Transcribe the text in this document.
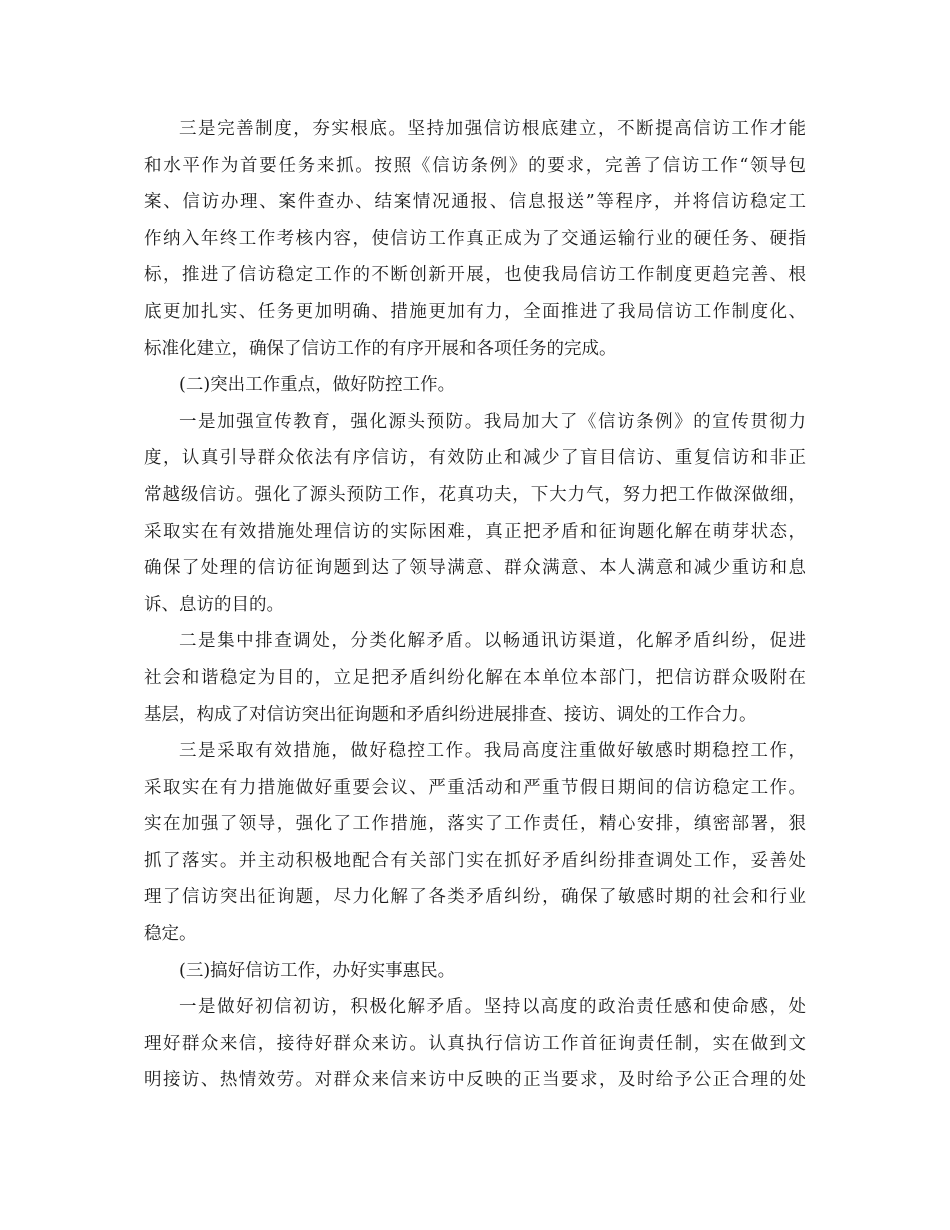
三是完善制度，夯实根底。坚持加强信访根底建立，不断提高信访工作才能
和水平作为首要任务来抓。按照《信访条例》的要求，完善了信访工作“领导包
案、信访办理、案件查办、结案情况通报、信息报送”等程序，并将信访稳定工
作纳入年终工作考核内容，使信访工作真正成为了交通运输行业的硬任务、硬指
标，推进了信访稳定工作的不断创新开展，也使我局信访工作制度更趋完善、根
底更加扎实、任务更加明确、措施更加有力，全面推进了我局信访工作制度化、
标准化建立，确保了信访工作的有序开展和各项任务的完成。
(二)突出工作重点，做好防控工作。
一是加强宣传教育，强化源头预防。我局加大了《信访条例》的宣传贯彻力
度，认真引导群众依法有序信访，有效防止和减少了盲目信访、重复信访和非正
常越级信访。强化了源头预防工作，花真功夫，下大力气，努力把工作做深做细，
采取实在有效措施处理信访的实际困难，真正把矛盾和征询题化解在萌芽状态，
确保了处理的信访征询题到达了领导满意、群众满意、本人满意和减少重访和息
诉、息访的目的。
二是集中排查调处，分类化解矛盾。以畅通讯访渠道，化解矛盾纠纷，促进
社会和谐稳定为目的，立足把矛盾纠纷化解在本单位本部门，把信访群众吸附在
基层，构成了对信访突出征询题和矛盾纠纷进展排查、接访、调处的工作合力。
三是采取有效措施，做好稳控工作。我局高度注重做好敏感时期稳控工作，
采取实在有力措施做好重要会议、严重活动和严重节假日期间的信访稳定工作。
实在加强了领导，强化了工作措施，落实了工作责任，精心安排，缜密部署，狠
抓了落实。并主动积极地配合有关部门实在抓好矛盾纠纷排查调处工作，妥善处
理了信访突出征询题，尽力化解了各类矛盾纠纷，确保了敏感时期的社会和行业
稳定。
(三)搞好信访工作，办好实事惠民。
一是做好初信初访，积极化解矛盾。坚持以高度的政治责任感和使命感，处
理好群众来信，接待好群众来访。认真执行信访工作首征询责任制，实在做到文
明接访、热情效劳。对群众来信来访中反映的正当要求，及时给予公正合理的处
